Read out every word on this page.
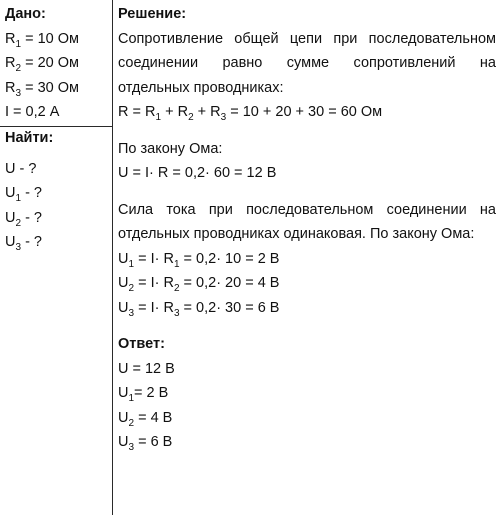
Дано:
$R_1 = 10$ Ом
$R_2 = 20$ Ом
$R_3 = 30$ Ом
I = 0,2 А
Найти:
U - ?
$U_1$ - ?
$U_2$ - ?
$U_3$ - ?
Решение:
Сопротивление общей цепи при последовательном
соединении равно сумме сопротивлений на
отдельных проводниках:
$R = R_1 + R_2 + R_3 = 10 + 20 + 30 = 60$ Ом
По закону Ома:
U = I· R = 0,2· 60 = 12 В
Сила тока при последовательном соединении на
отдельных проводниках одинаковая. По закону Ома:
$U_1 = I\cdot R_1 = 0,2\cdot 10 = 2$ В
$U_2 = I\cdot R_2 = 0,2\cdot 20 = 4$ В
$U_3 = I\cdot R_3 = 0,2\cdot 30 = 6$ В
Ответ:
U = 12 В
$U_1= 2$ В
$U_2 = 4$ В
$U_3 = 6$ В
